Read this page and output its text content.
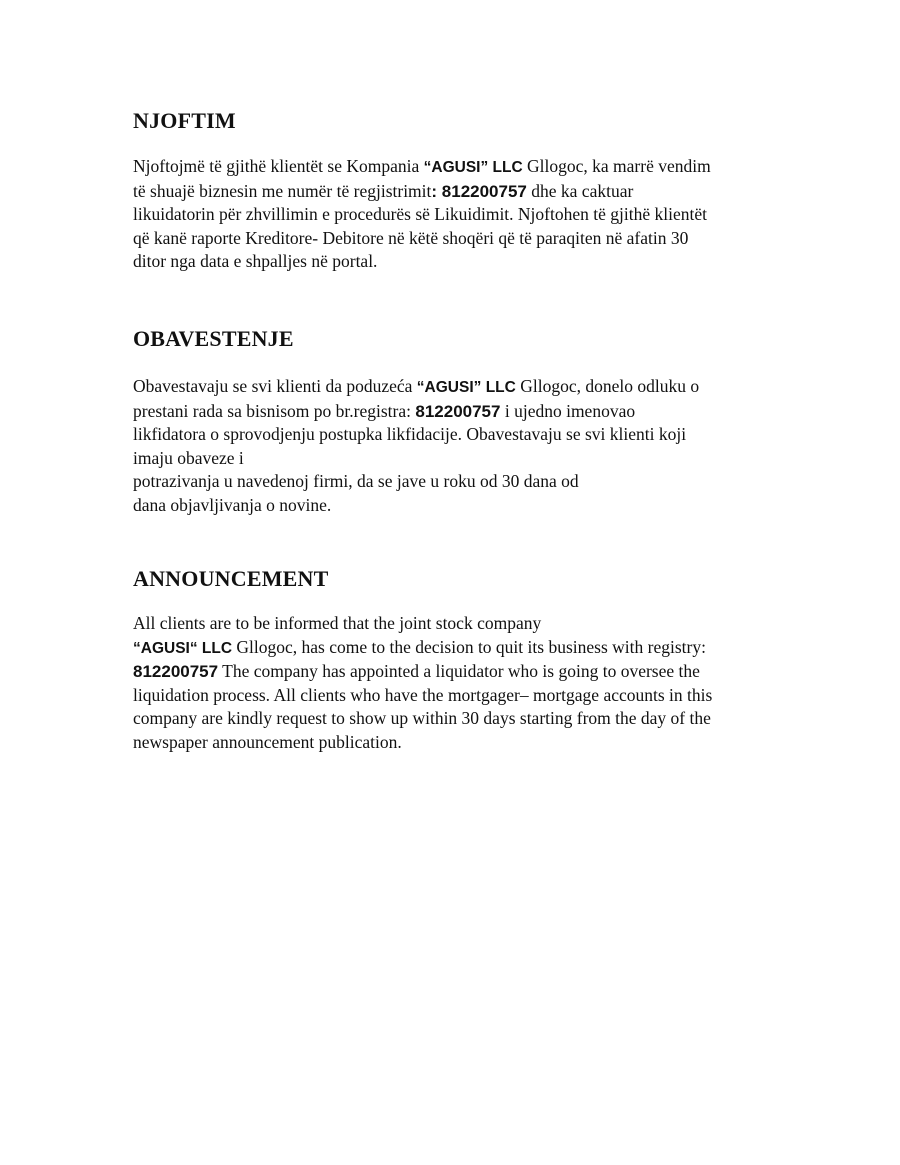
NJOFTIM

Njoftojmë të gjithë klientët se Kompania “AGUSI” LLC Gllogoc, ka marrë vendim
të shuajë biznesin me numër të regjistrimit: 812200757 dhe ka caktuar
likuidatorin për zhvillimin e procedurës së Likuidimit. Njoftohen të gjithë klientët
që kanë raporte Kreditore- Debitore në këtë shoqëri që të paraqiten në afatin 30
ditor nga data e shpalljes në portal.

OBAVESTENJE

Obavestavaju se svi klienti da poduzeća “AGUSI” LLC Gllogoc, donelo odluku o
prestani rada sa bisnisom po br.registra: 812200757 i ujedno imenovao
likfidatora o sprovodjenju postupka likfidacije. Obavestavaju se svi klienti koji
imaju obaveze i
potrazivanja u navedenoj firmi, da se jave u roku od 30 dana od
dana objavljivanja o novine.

ANNOUNCEMENT

All clients are to be informed that the joint stock company
“AGUSI“ LLC Gllogoc, has come to the decision to quit its business with registry:
812200757 The company has appointed a liquidator who is going to oversee the
liquidation process. All clients who have the mortgager– mortgage accounts in this
company are kindly request to show up within 30 days starting from the day of the
newspaper announcement publication.
